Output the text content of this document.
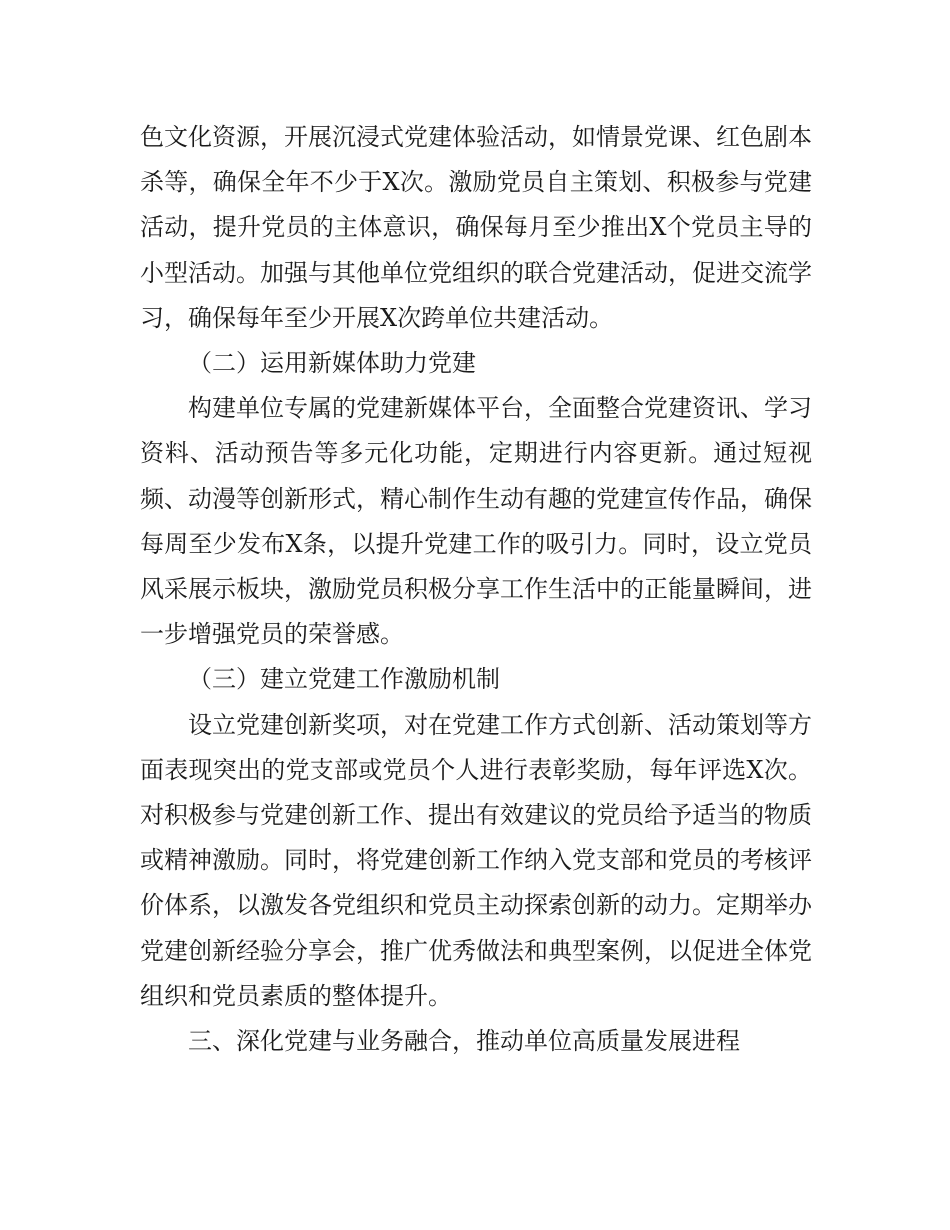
色文化资源，开展沉浸式党建体验活动，如情景党课、红色剧本杀等，确保全年不少于X次。激励党员自主策划、积极参与党建活动，提升党员的主体意识，确保每月至少推出X个党员主导的小型活动。加强与其他单位党组织的联合党建活动，促进交流学习，确保每年至少开展X次跨单位共建活动。

（二）运用新媒体助力党建

构建单位专属的党建新媒体平台，全面整合党建资讯、学习资料、活动预告等多元化功能，定期进行内容更新。通过短视频、动漫等创新形式，精心制作生动有趣的党建宣传作品，确保每周至少发布X条，以提升党建工作的吸引力。同时，设立党员风采展示板块，激励党员积极分享工作生活中的正能量瞬间，进一步增强党员的荣誉感。

（三）建立党建工作激励机制

设立党建创新奖项，对在党建工作方式创新、活动策划等方面表现突出的党支部或党员个人进行表彰奖励，每年评选X次。对积极参与党建创新工作、提出有效建议的党员给予适当的物质或精神激励。同时，将党建创新工作纳入党支部和党员的考核评价体系，以激发各党组织和党员主动探索创新的动力。定期举办党建创新经验分享会，推广优秀做法和典型案例，以促进全体党组织和党员素质的整体提升。

三、深化党建与业务融合，推动单位高质量发展进程
